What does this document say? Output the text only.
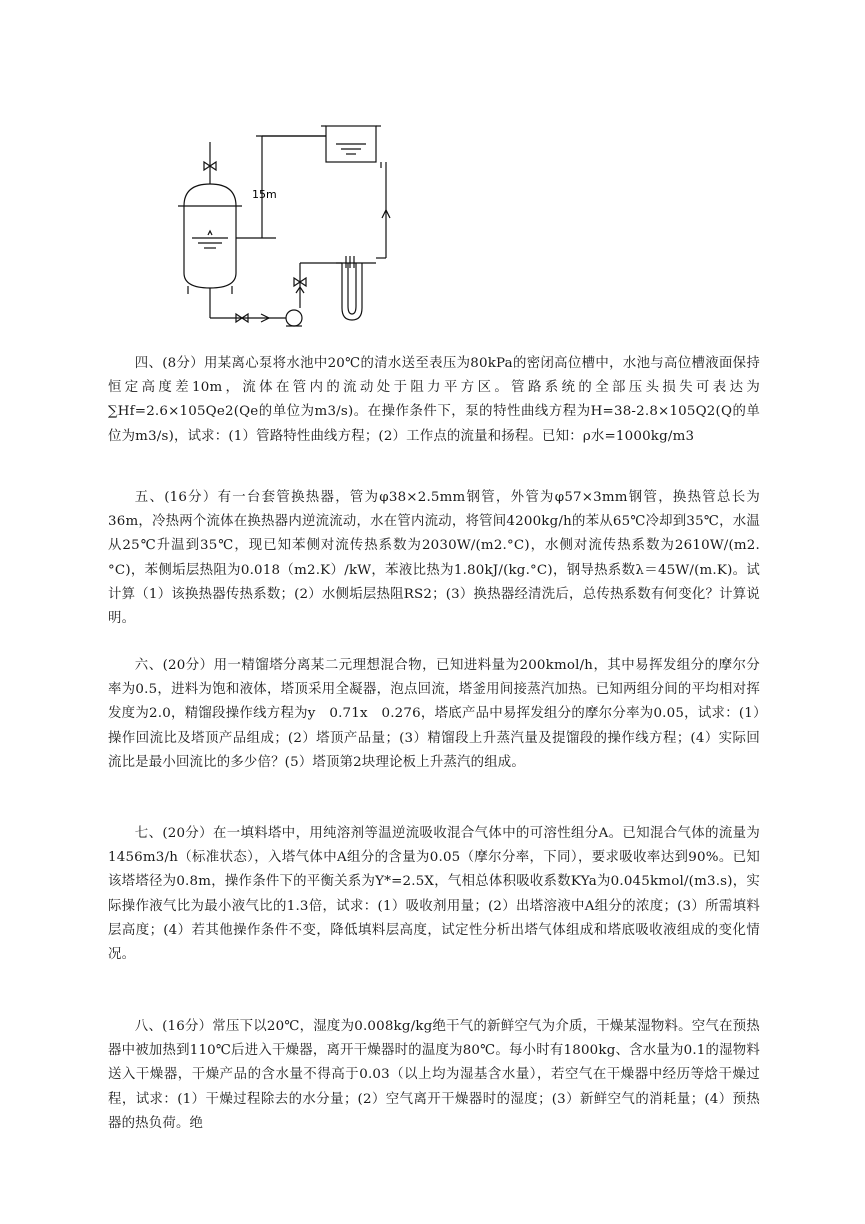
15m

四、(8分）用某离心泵将水池中20℃的清水送至表压为80kPa的密闭高位槽中，水池与高位槽液面保持恒定高度差10m，流体在管内的流动处于阻力平方区。管路系统的全部压头损失可表达为∑Hf=2.6×105Qe2(Qe的单位为m3/s)。在操作条件下，泵的特性曲线方程为H=38-2.8×105Q2(Q的单位为m3/s)，试求：(1）管路特性曲线方程；(2）工作点的流量和扬程。已知：ρ水=1000kg/m3

五、(16分）有一台套管换热器，管为φ38×2.5mm钢管，外管为φ57×3mm钢管，换热管总长为36m，冷热两个流体在换热器内逆流流动，水在管内流动，将管间4200kg/h的苯从65℃冷却到35℃，水温从25℃升温到35℃，现已知苯侧对流传热系数为2030W/(m2.°C)，水侧对流传热系数为2610W/(m2.°C)，苯侧垢层热阻为0.018（m2.K）/kW，苯液比热为1.80kJ/(kg.°C)，钢导热系数λ＝45W/(m.K)。试计算（1）该换热器传热系数；(2）水侧垢层热阻RS2；(3）换热器经清洗后，总传热系数有何变化？计算说明。

六、(20分）用一精馏塔分离某二元理想混合物，已知进料量为200kmol/h，其中易挥发组分的摩尔分率为0.5，进料为饱和液体，塔顶采用全凝器，泡点回流，塔釜用间接蒸汽加热。已知两组分间的平均相对挥发度为2.0，精馏段操作线方程为y　0.71x　0.276，塔底产品中易挥发组分的摩尔分率为0.05，试求：(1）操作回流比及塔顶产品组成；(2）塔顶产品量；(3）精馏段上升蒸汽量及提馏段的操作线方程；(4）实际回流比是最小回流比的多少倍？(5）塔顶第2块理论板上升蒸汽的组成。

七、(20分）在一填料塔中，用纯溶剂等温逆流吸收混合气体中的可溶性组分A。已知混合气体的流量为1456m3/h（标准状态），入塔气体中A组分的含量为0.05（摩尔分率，下同），要求吸收率达到90%。已知该塔塔径为0.8m，操作条件下的平衡关系为Y*=2.5X，气相总体积吸收系数KYa为0.045kmol/(m3.s)，实际操作液气比为最小液气比的1.3倍，试求：(1）吸收剂用量；(2）出塔溶液中A组分的浓度；(3）所需填料层高度；(4）若其他操作条件不变，降低填料层高度，试定性分析出塔气体组成和塔底吸收液组成的变化情况。

八、(16分）常压下以20℃，湿度为0.008kg/kg绝干气的新鲜空气为介质，干燥某湿物料。空气在预热器中被加热到110℃后进入干燥器，离开干燥器时的温度为80℃。每小时有1800kg、含水量为0.1的湿物料送入干燥器，干燥产品的含水量不得高于0.03（以上均为湿基含水量），若空气在干燥器中经历等焓干燥过程，试求：(1）干燥过程除去的水分量；(2）空气离开干燥器时的湿度；(3）新鲜空气的消耗量；(4）预热器的热负荷。绝
